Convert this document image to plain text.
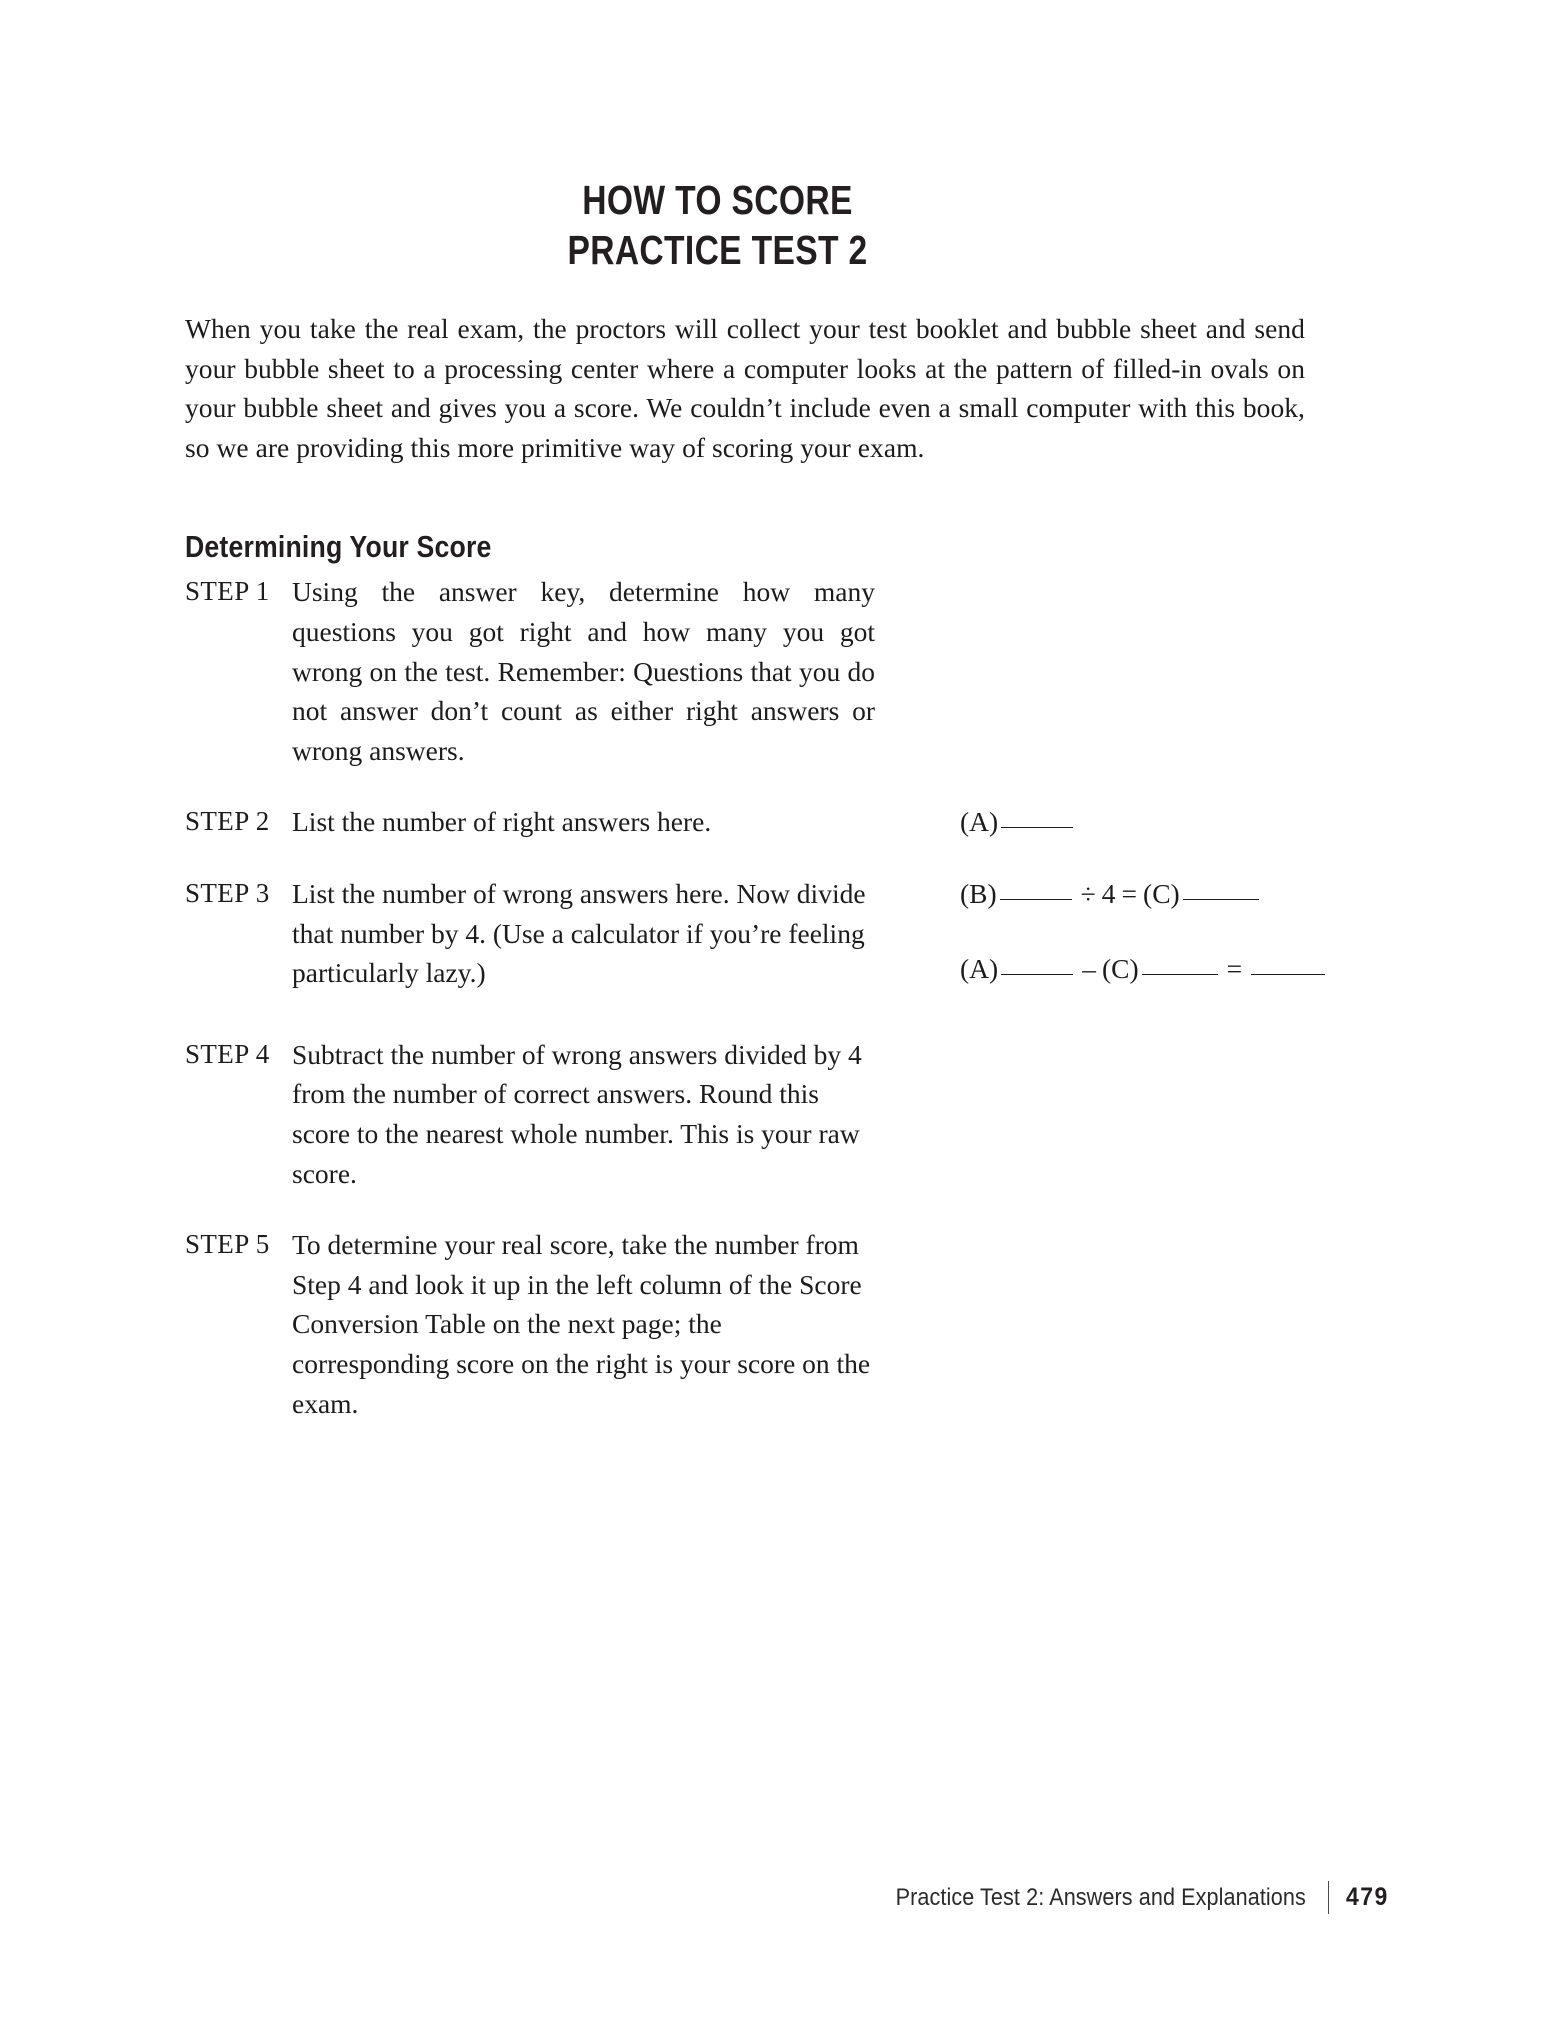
HOW TO SCORE
PRACTICE TEST 2

When you take the real exam, the proctors will collect your test booklet and bubble sheet and send your bubble sheet to a processing center where a computer looks at the pattern of filled-in ovals on your bubble sheet and gives you a score. We couldn’t include even a small computer with this book, so we are providing this more primitive way of scoring your exam.

Determining Your Score
STEP 1 Using the answer key, determine how many questions you got right and how many you got wrong on the test. Remember: Questions that you do not answer don’t count as either right answers or wrong answers.
STEP 2 List the number of right answers here.	(A)
STEP 3 List the number of wrong answers here. Now divide that number by 4. (Use a calculator if you’re feeling particularly lazy.)
(B)	÷ 4 = (C)
(A)	– (C)	=
STEP 4 Subtract the number of wrong answers divided by 4 from the number of correct answers. Round this score to the nearest whole number. This is your raw score.
STEP 5 To determine your real score, take the number from Step 4 and look it up in the left column of the Score Conversion Table on the next page; the corresponding score on the right is your score on the exam.
Practice Test 2: Answers and Explanations 479
